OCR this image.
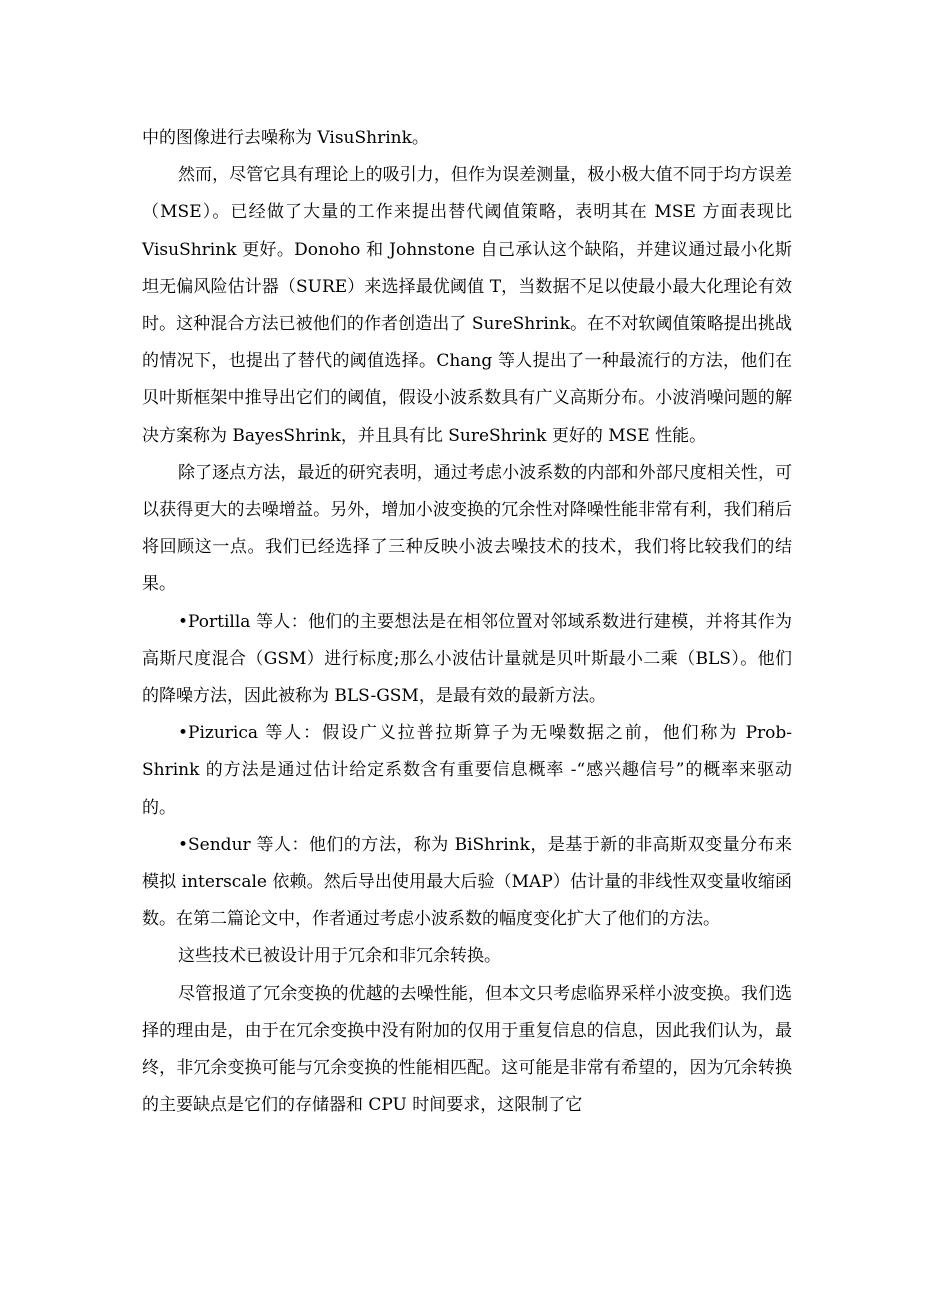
中的图像进行去噪称为 VisuShrink。

然而，尽管它具有理论上的吸引力，但作为误差测量，极小极大值不同于均方误差（MSE）。已经做了大量的工作来提出替代阈值策略，表明其在 MSE 方面表现比 VisuShrink 更好。Donoho 和 Johnstone 自己承认这个缺陷，并建议通过最小化斯坦无偏风险估计器（SURE）来选择最优阈值 T，当数据不足以使最小最大化理论有效时。这种混合方法已被他们的作者创造出了 SureShrink。在不对软阈值策略提出挑战的情况下，也提出了替代的阈值选择。Chang 等人提出了一种最流行的方法，他们在贝叶斯框架中推导出它们的阈值，假设小波系数具有广义高斯分布。小波消噪问题的解决方案称为 BayesShrink，并且具有比 SureShrink 更好的 MSE 性能。

除了逐点方法，最近的研究表明，通过考虑小波系数的内部和外部尺度相关性，可以获得更大的去噪增益。另外，增加小波变换的冗余性对降噪性能非常有利，我们稍后将回顾这一点。我们已经选择了三种反映小波去噪技术的技术，我们将比较我们的结果。

•Portilla 等人：他们的主要想法是在相邻位置对邻域系数进行建模，并将其作为高斯尺度混合（GSM）进行标度;那么小波估计量就是贝叶斯最小二乘（BLS）。他们的降噪方法，因此被称为 BLS-GSM，是最有效的最新方法。

•Pizurica 等人：假设广义拉普拉斯算子为无噪数据之前，他们称为 Prob-Shrink 的方法是通过估计给定系数含有重要信息概率 -“感兴趣信号”的概率来驱动的。

•Sendur 等人：他们的方法，称为 BiShrink，是基于新的非高斯双变量分布来模拟 interscale 依赖。然后导出使用最大后验（MAP）估计量的非线性双变量收缩函数。在第二篇论文中，作者通过考虑小波系数的幅度变化扩大了他们的方法。

这些技术已被设计用于冗余和非冗余转换。

尽管报道了冗余变换的优越的去噪性能，但本文只考虑临界采样小波变换。我们选择的理由是，由于在冗余变换中没有附加的仅用于重复信息的信息，因此我们认为，最终，非冗余变换可能与冗余变换的性能相匹配。这可能是非常有希望的，因为冗余转换的主要缺点是它们的存储器和 CPU 时间要求，这限制了它
